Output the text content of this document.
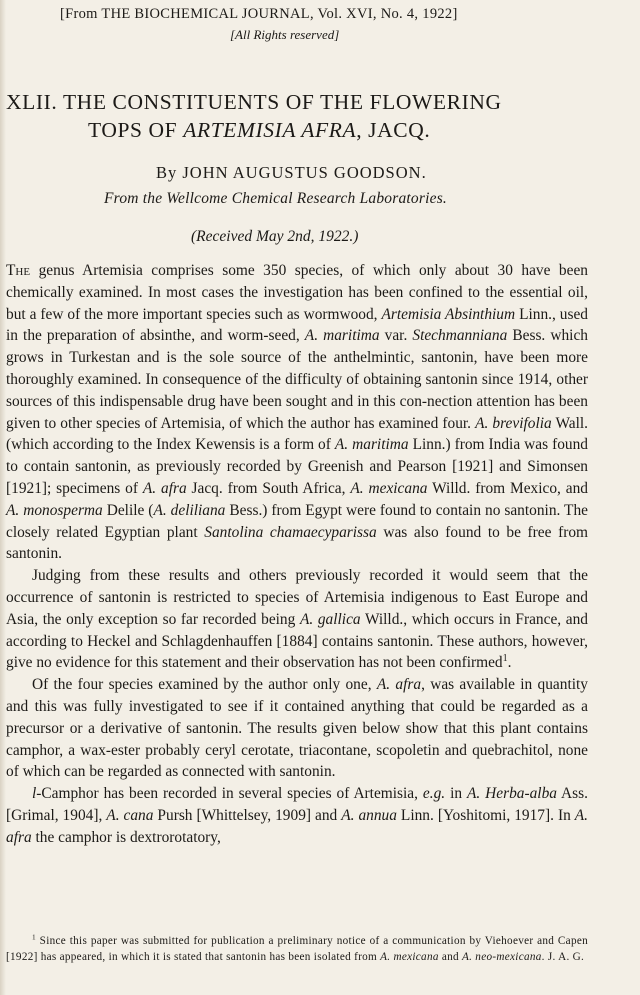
[From THE BIOCHEMICAL JOURNAL, Vol. XVI, No. 4, 1922]
[All Rights reserved]
XLII. THE CONSTITUENTS OF THE FLOWERING
TOPS OF ARTEMISIA AFRA, JACQ.
By JOHN AUGUSTUS GOODSON.
From the Wellcome Chemical Research Laboratories.
(Received May 2nd, 1922.)

The genus Artemisia comprises some 350 species, of which only about 30 have been chemically examined. In most cases the investigation has been confined to the essential oil, but a few of the more important species such as wormwood, Artemisia Absinthium Linn., used in the preparation of absinthe, and worm-seed, A. maritima var. Stechmanniana Bess. which grows in Turkestan and is the sole source of the anthelmintic, santonin, have been more thoroughly examined. In consequence of the difficulty of obtaining santonin since 1914, other sources of this indispensable drug have been sought and in this con-nection attention has been given to other species of Artemisia, of which the author has examined four. A. brevifolia Wall. (which according to the Index Kewensis is a form of A. maritima Linn.) from India was found to contain santonin, as previously recorded by Greenish and Pearson [1921] and Simonsen [1921]; specimens of A. afra Jacq. from South Africa, A. mexicana Willd. from Mexico, and A. monosperma Delile (A. deliliana Bess.) from Egypt were found to contain no santonin. The closely related Egyptian plant Santolina chamaecyparissa was also found to be free from santonin.

Judging from these results and others previously recorded it would seem that the occurrence of santonin is restricted to species of Artemisia indigenous to East Europe and Asia, the only exception so far recorded being A. gallica Willd., which occurs in France, and according to Heckel and Schlagdenhauffen [1884] contains santonin. These authors, however, give no evidence for this statement and their observation has not been confirmed$^1$.

Of the four species examined by the author only one, A. afra, was available in quantity and this was fully investigated to see if it contained anything that could be regarded as a precursor or a derivative of santonin. The results given below show that this plant contains camphor, a wax-ester probably ceryl cerotate, triacontane, scopoletin and quebrachitol, none of which can be regarded as connected with santonin.

l-Camphor has been recorded in several species of Artemisia, e.g. in A. Herba-alba Ass. [Grimal, 1904], A. cana Pursh [Whittelsey, 1909] and A. annua Linn. [Yoshitomi, 1917]. In A. afra the camphor is dextrorotatory,

$^1$ Since this paper was submitted for publication a preliminary notice of a communication by Viehoever and Capen [1922] has appeared, in which it is stated that santonin has been isolated from A. mexicana and A. neo-mexicana. J. A. G.
